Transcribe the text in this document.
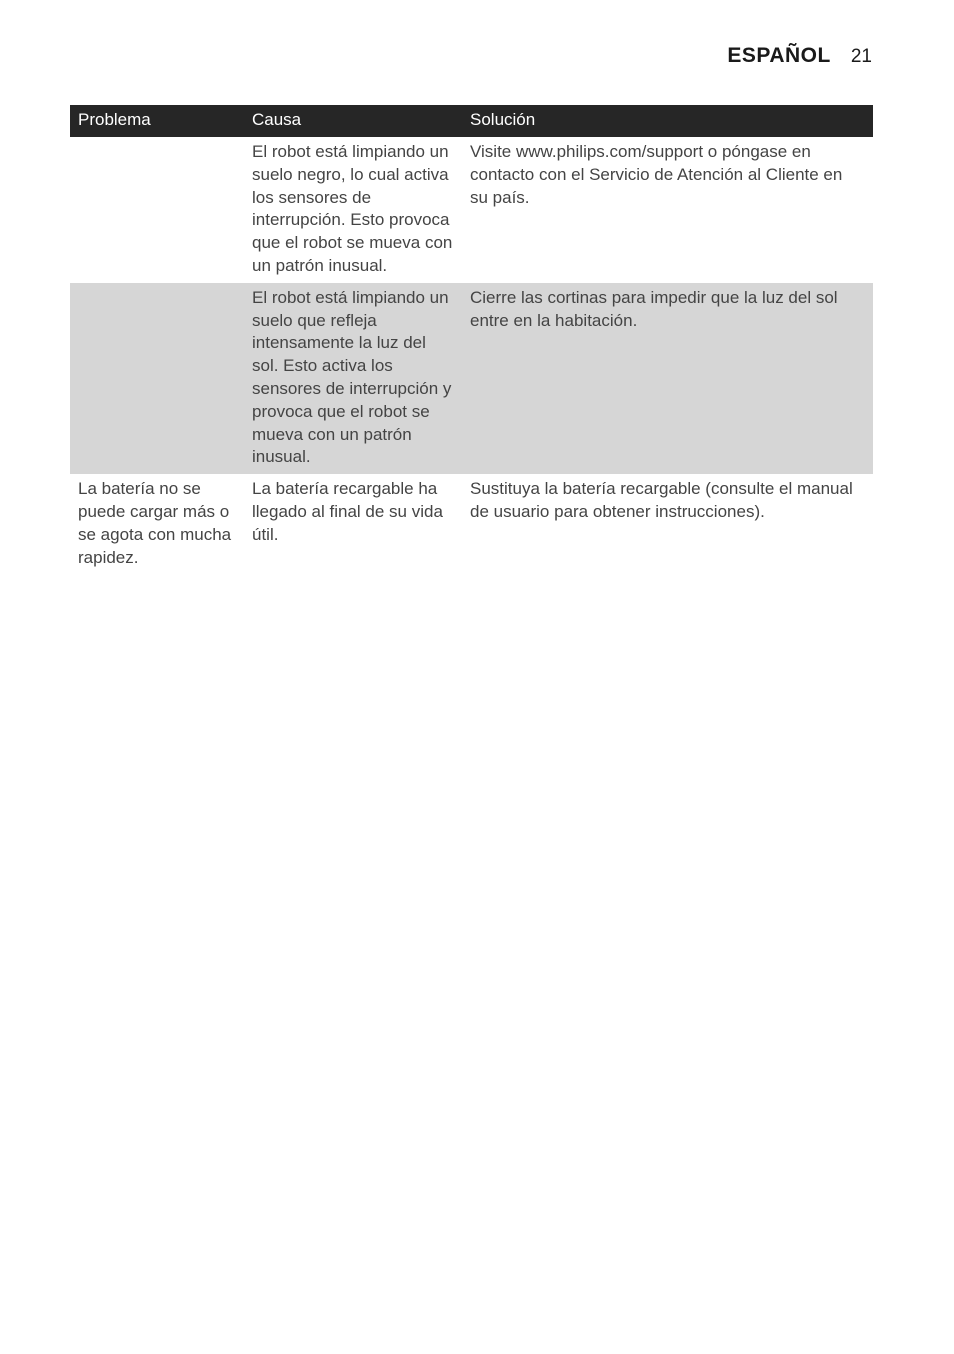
ESPAÑOL 21
Problema	Causa	Solución
	El robot está limpiando un suelo negro, lo cual activa los sensores de interrupción. Esto provoca que el robot se mueva con un patrón inusual.	Visite www.philips.com/support o póngase en contacto con el Servicio de Atención al Cliente en su país.
	El robot está limpiando un suelo que refleja intensamente la luz del sol. Esto activa los sensores de interrupción y provoca que el robot se mueva con un patrón inusual.	Cierre las cortinas para impedir que la luz del sol entre en la habitación.
La batería no se puede cargar más o se agota con mucha rapidez.	La batería recargable ha llegado al final de su vida útil.	Sustituya la batería recargable (consulte el manual de usuario para obtener instrucciones).
